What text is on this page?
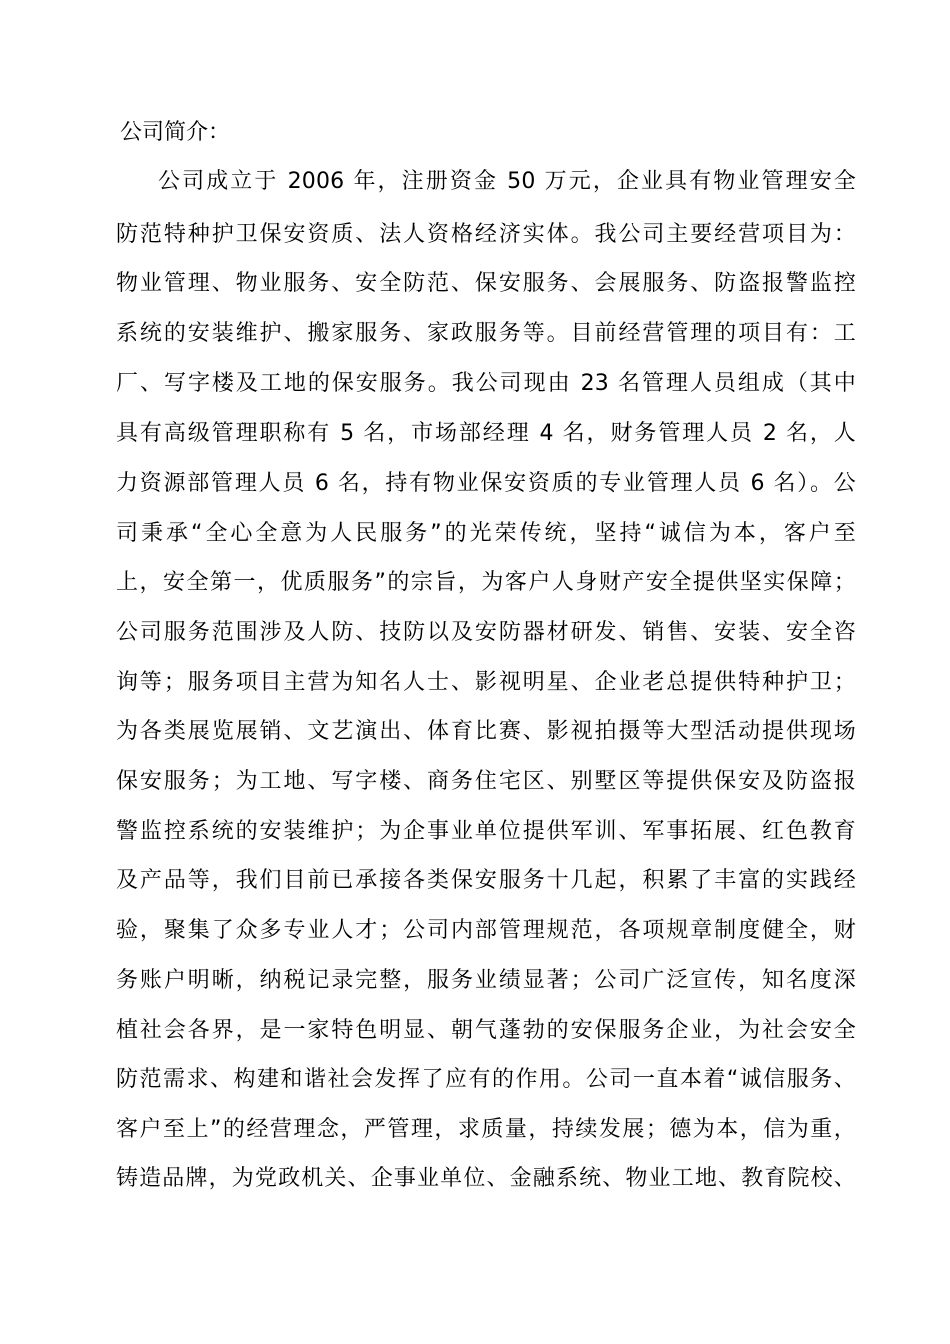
公司简介：
公司成立于 2006 年，注册资金 50 万元，企业具有物业管理安全
防范特种护卫保安资质、法人资格经济实体。我公司主要经营项目为：
物业管理、物业服务、安全防范、保安服务、会展服务、防盗报警监控
系统的安装维护、搬家服务、家政服务等。目前经营管理的项目有：工
厂、写字楼及工地的保安服务。我公司现由 23 名管理人员组成（其中
具有高级管理职称有 5 名，市场部经理 4 名，财务管理人员 2 名，人
力资源部管理人员 6 名，持有物业保安资质的专业管理人员 6 名）。公
司秉承“全心全意为人民服务”的光荣传统，坚持“诚信为本，客户至
上，安全第一，优质服务”的宗旨，为客户人身财产安全提供坚实保障；
公司服务范围涉及人防、技防以及安防器材研发、销售、安装、安全咨
询等；服务项目主营为知名人士、影视明星、企业老总提供特种护卫；
为各类展览展销、文艺演出、体育比赛、影视拍摄等大型活动提供现场
保安服务；为工地、写字楼、商务住宅区、别墅区等提供保安及防盗报
警监控系统的安装维护；为企事业单位提供军训、军事拓展、红色教育
及产品等，我们目前已承接各类保安服务十几起，积累了丰富的实践经
验，聚集了众多专业人才；公司内部管理规范，各项规章制度健全，财
务账户明晰，纳税记录完整，服务业绩显著；公司广泛宣传，知名度深
植社会各界，是一家特色明显、朝气蓬勃的安保服务企业，为社会安全
防范需求、构建和谐社会发挥了应有的作用。公司一直本着“诚信服务、
客户至上”的经营理念，严管理，求质量，持续发展；德为本，信为重，
铸造品牌，为党政机关、企事业单位、金融系统、物业工地、教育院校、
